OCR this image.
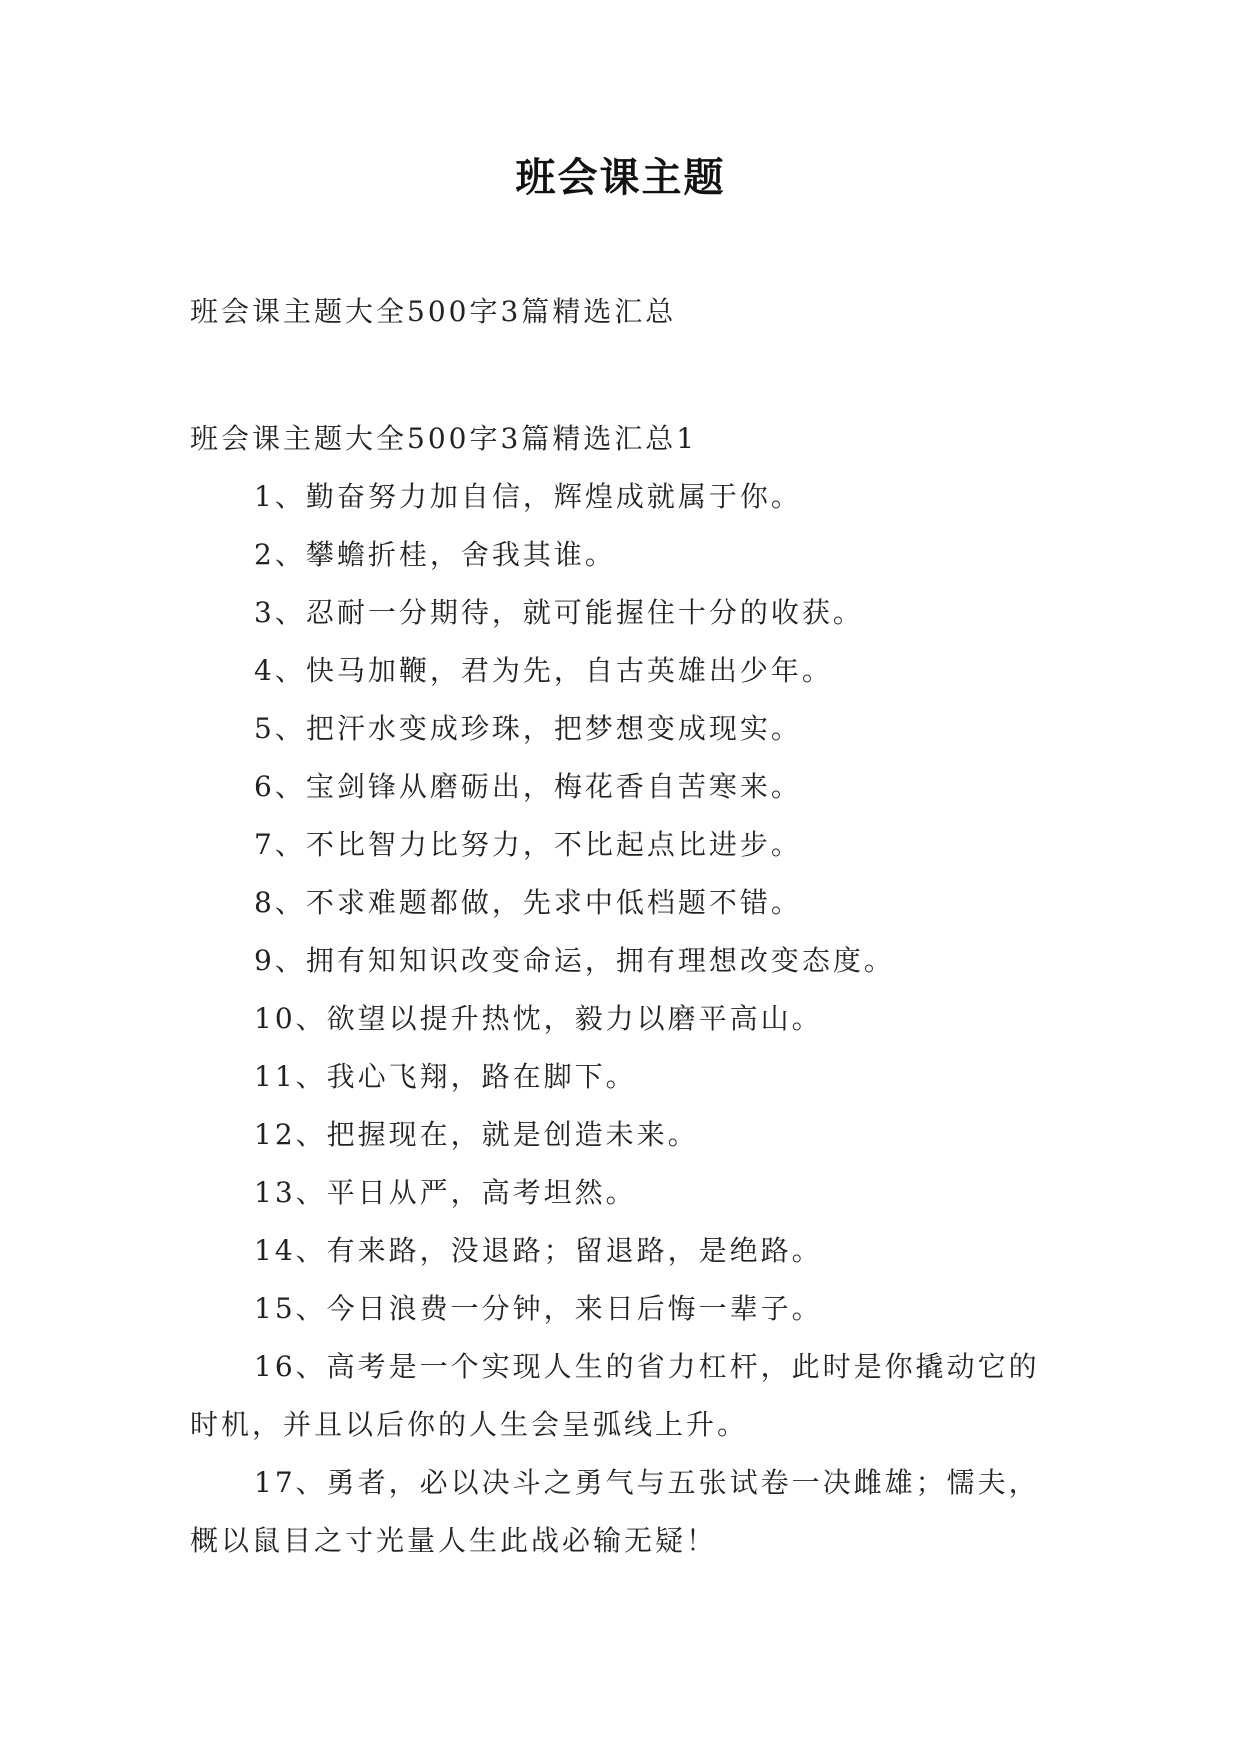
班会课主题
班会课主题大全500字3篇精选汇总

班会课主题大全500字3篇精选汇总1

1、勤奋努力加自信，辉煌成就属于你。
2、攀蟾折桂，舍我其谁。
3、忍耐一分期待，就可能握住十分的收获。
4、快马加鞭，君为先，自古英雄出少年。
5、把汗水变成珍珠，把梦想变成现实。
6、宝剑锋从磨砺出，梅花香自苦寒来。
7、不比智力比努力，不比起点比进步。
8、不求难题都做，先求中低档题不错。
9、拥有知知识改变命运，拥有理想改变态度。
10、欲望以提升热忱，毅力以磨平高山。
11、我心飞翔，路在脚下。
12、把握现在，就是创造未来。
13、平日从严，高考坦然。
14、有来路，没退路；留退路，是绝路。
15、今日浪费一分钟，来日后悔一辈子。
16、高考是一个实现人生的省力杠杆，此时是你撬动它的时机，并且以后你的人生会呈弧线上升。
17、勇者，必以决斗之勇气与五张试卷一决雌雄；懦夫，概以鼠目之寸光量人生此战必输无疑！
